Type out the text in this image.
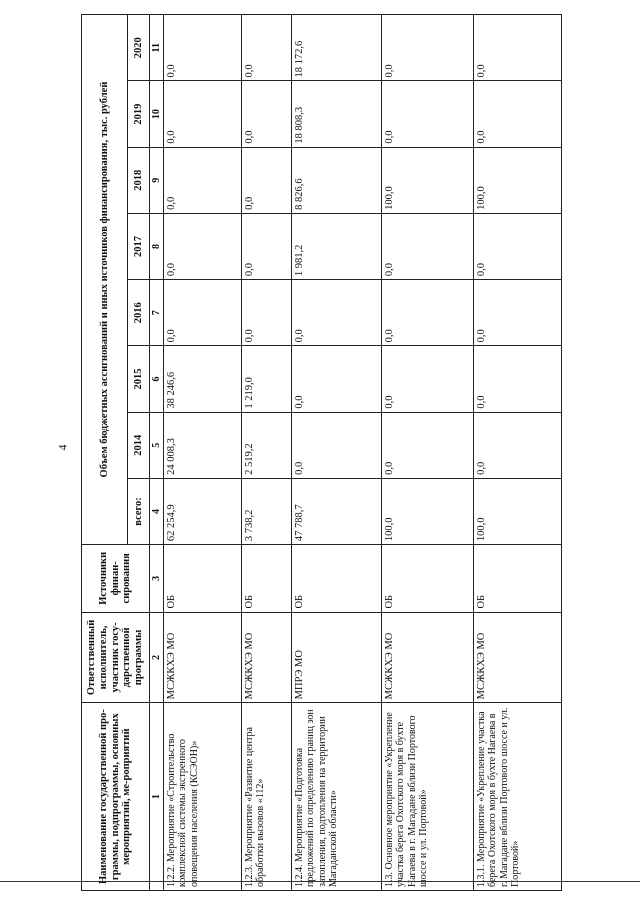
4
Наименование государственной про-граммы, подпрограммы, основных мероприятий, ме-роприятий	Ответственный исполнитель, участник госу-дарственной программы	Источники финан-сирования	Объем бюджетных ассигнований и иных источников финансирования, тыс. рублей							
			всего:	2014	2015	2016	2017	2018	2019	2020
1	2	3	4	5	6	7	8	9	10	11
1.2.2. Мероприятие «Строительство комплексной системы экстренного оповещения населения (КСЭОН)»	МСЖКХЭ МО	ОБ	62 254,9	24 008,3	38 246,6	0,0	0,0	0,0	0,0	0,0
1.2.3. Мероприятие «Развитие центра обработки вызовов «112»	МСЖКХЭ МО	ОБ	3 738,2	2 519,2	1 219,0	0,0	0,0	0,0	0,0	0,0
1.2.4. Мероприятие «Подготовка предложений по определению границ зон затопления, подтопления на территории Магаданской области»	МПРЭ МО	ОБ	47 788,7	0,0	0,0	0,0	1 981,2	8 826,6	18 808,3	18 172,6
1.3. Основное мероприятие «Укрепление участка берега Охотского моря в бухте Нагаева в г. Магадане вблизи Портового шоссе и ул. Портовой»	МСЖКХЭ МО	ОБ	100,0	0,0	0,0	0,0	0,0	100,0	0,0	0,0
1.3.1. Мероприятие «Укрепление участка берега Охотского моря в бухте Нагаева в г. Магадане вблизи Портового шоссе и ул. Портовой»	МСЖКХЭ МО	ОБ	100,0	0,0	0,0	0,0	0,0	100,0	0,0	0,0
